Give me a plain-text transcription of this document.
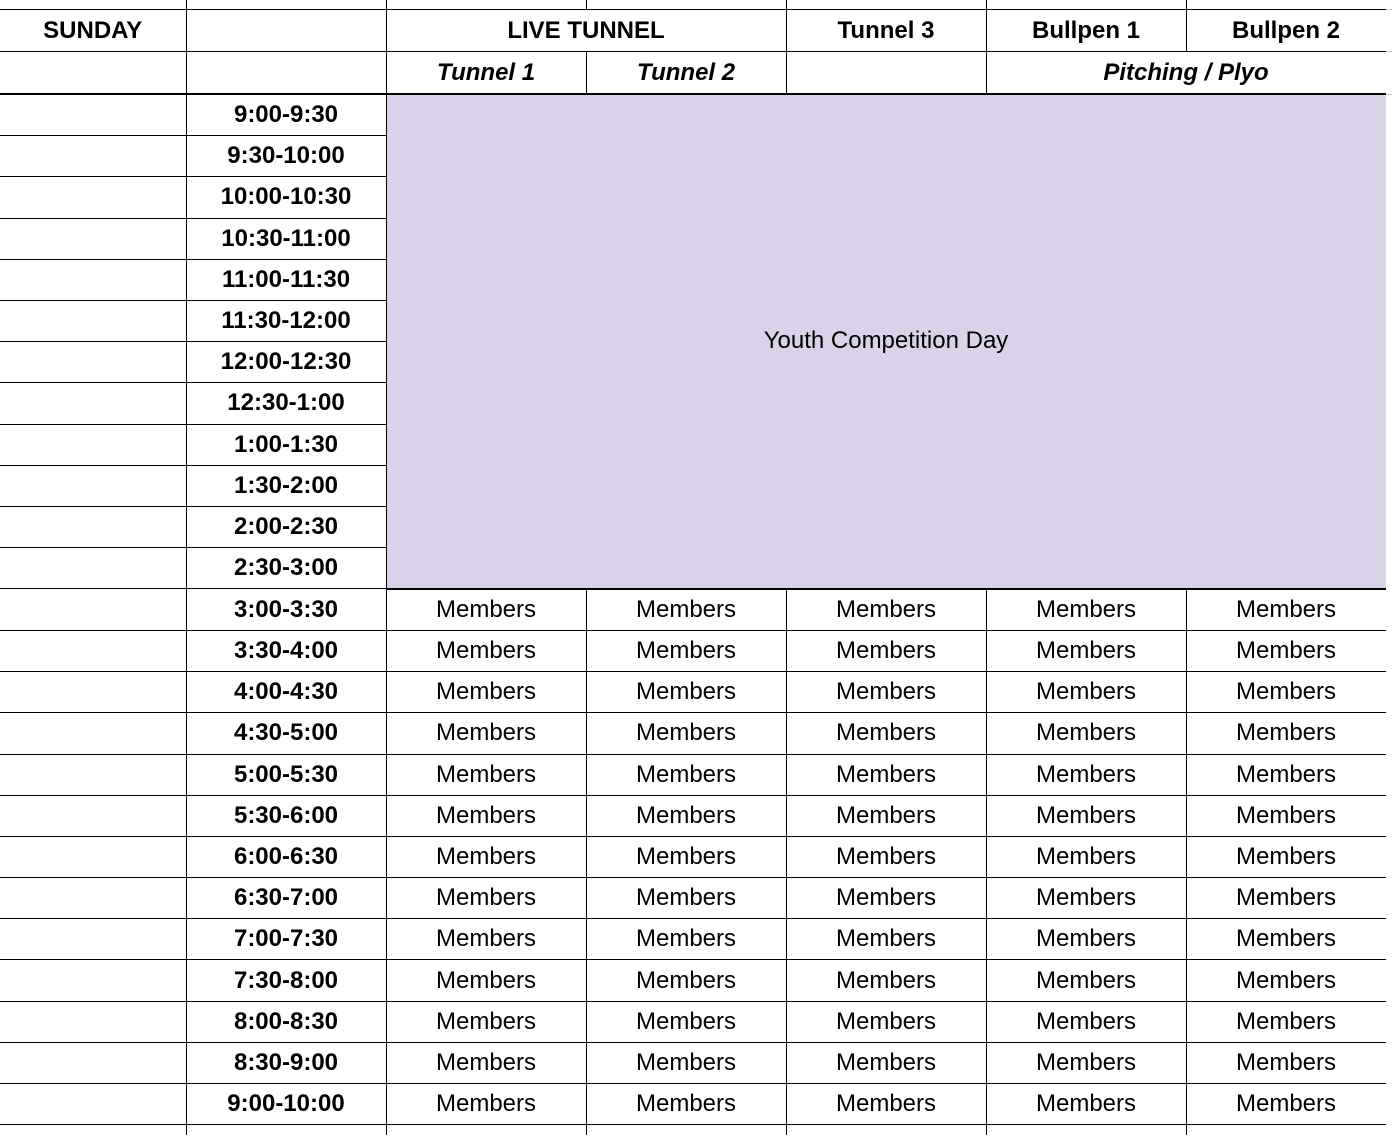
SUNDAY		LIVE TUNNEL		Tunnel 3	Bullpen 1	Bullpen 2
		Tunnel 1	Tunnel 2		Pitching / Plyo	
	9:00-9:30	Youth Competition Day				
	9:30-10:00					
	10:00-10:30					
	10:30-11:00					
	11:00-11:30					
	11:30-12:00					
	12:00-12:30					
	12:30-1:00					
	1:00-1:30					
	1:30-2:00					
	2:00-2:30					
	2:30-3:00					
	3:00-3:30	Members	Members	Members	Members	Members
	3:30-4:00	Members	Members	Members	Members	Members
	4:00-4:30	Members	Members	Members	Members	Members
	4:30-5:00	Members	Members	Members	Members	Members
	5:00-5:30	Members	Members	Members	Members	Members
	5:30-6:00	Members	Members	Members	Members	Members
	6:00-6:30	Members	Members	Members	Members	Members
	6:30-7:00	Members	Members	Members	Members	Members
	7:00-7:30	Members	Members	Members	Members	Members
	7:30-8:00	Members	Members	Members	Members	Members
	8:00-8:30	Members	Members	Members	Members	Members
	8:30-9:00	Members	Members	Members	Members	Members
	9:00-10:00	Members	Members	Members	Members	Members
